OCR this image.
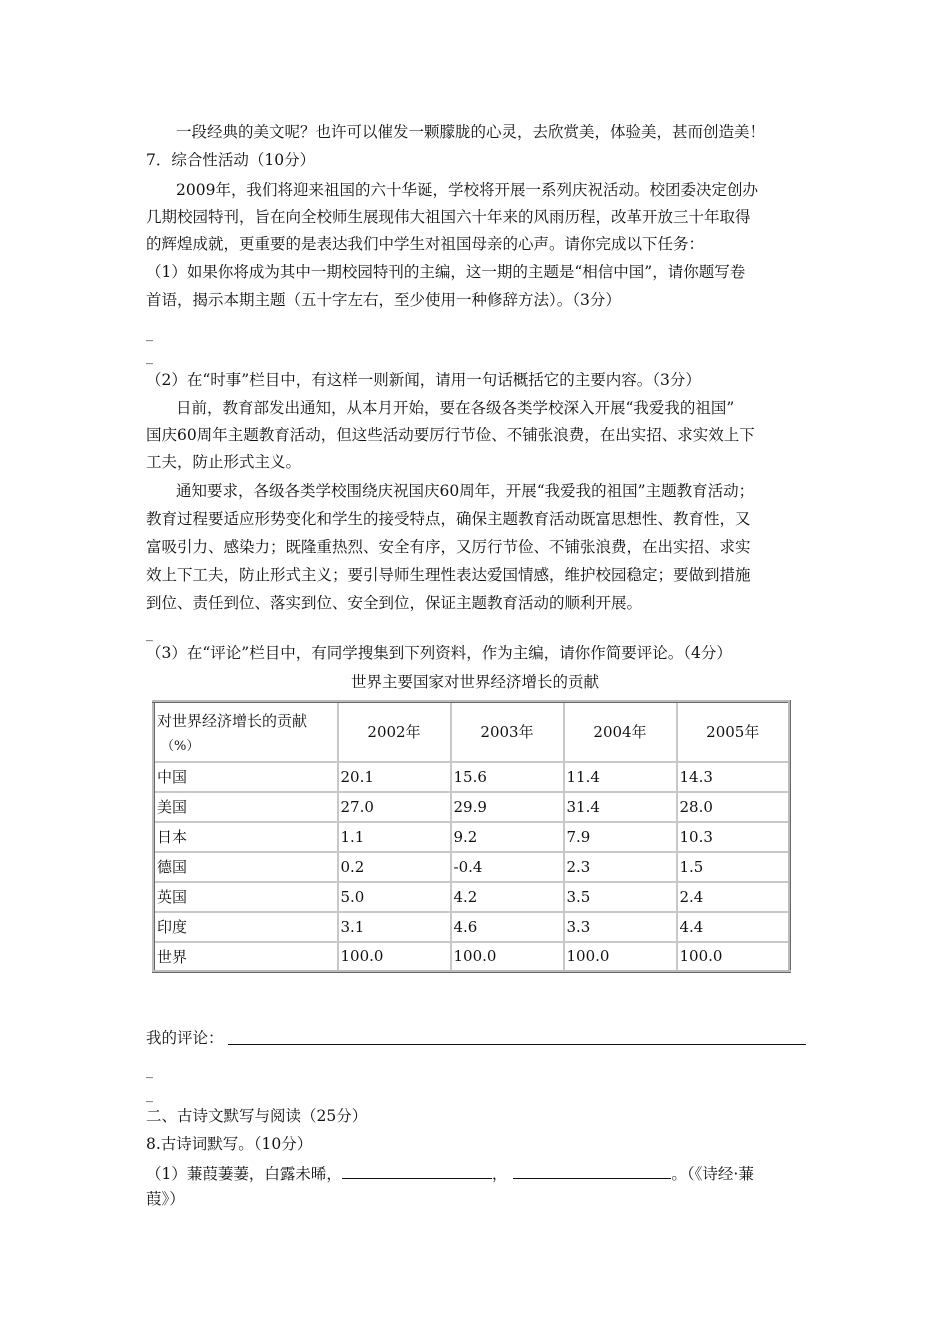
一段经典的美文呢？也许可以催发一颗朦胧的心灵，去欣赏美，体验美，甚而创造美！
7．综合性活动（10分）
2009年，我们将迎来祖国的六十华诞，学校将开展一系列庆祝活动。校团委决定创办
几期校园特刊，旨在向全校师生展现伟大祖国六十年来的风雨历程，改革开放三十年取得
的辉煌成就，更重要的是表达我们中学生对祖国母亲的心声。请你完成以下任务：
（1）如果你将成为其中一期校园特刊的主编，这一期的主题是“相信中国”，请你题写卷
首语，揭示本期主题（五十字左右，至少使用一种修辞方法）。（3分）
_
_
（2）在“时事”栏目中，有这样一则新闻，请用一句话概括它的主要内容。（3分）
日前，教育部发出通知，从本月开始，要在各级各类学校深入开展“我爱我的祖国”
国庆60周年主题教育活动，但这些活动要厉行节俭、不铺张浪费，在出实招、求实效上下
工夫，防止形式主义。
通知要求，各级各类学校围绕庆祝国庆60周年，开展“我爱我的祖国”主题教育活动；
教育过程要适应形势变化和学生的接受特点，确保主题教育活动既富思想性、教育性，又
富吸引力、感染力；既隆重热烈、安全有序，又厉行节俭、不铺张浪费，在出实招、求实
效上下工夫，防止形式主义；要引导师生理性表达爱国情感，维护校园稳定；要做到措施
到位、责任到位、落实到位、安全到位，保证主题教育活动的顺利开展。
_
（3）在“评论”栏目中，有同学搜集到下列资料，作为主编，请你作简要评论。（4分）
世界主要国家对世界经济增长的贡献
对世界经济增长的贡献
（%）	2002年	2003年	2004年	2005年
中国	20.1	15.6	11.4	14.3
美国	27.0	29.9	31.4	28.0
日本	1.1	9.2	7.9	10.3
德国	0.2	-0.4	2.3	1.5
英国	5.0	4.2	3.5	2.4
印度	3.1	4.6	3.3	4.4
世界	100.0	100.0	100.0	100.0
我的评论：
_
_
二、古诗文默写与阅读（25分）
8.古诗词默写。（10分）
（1）蒹葭萋萋，白露未晞，	，	。（《诗经·蒹
葭》）
